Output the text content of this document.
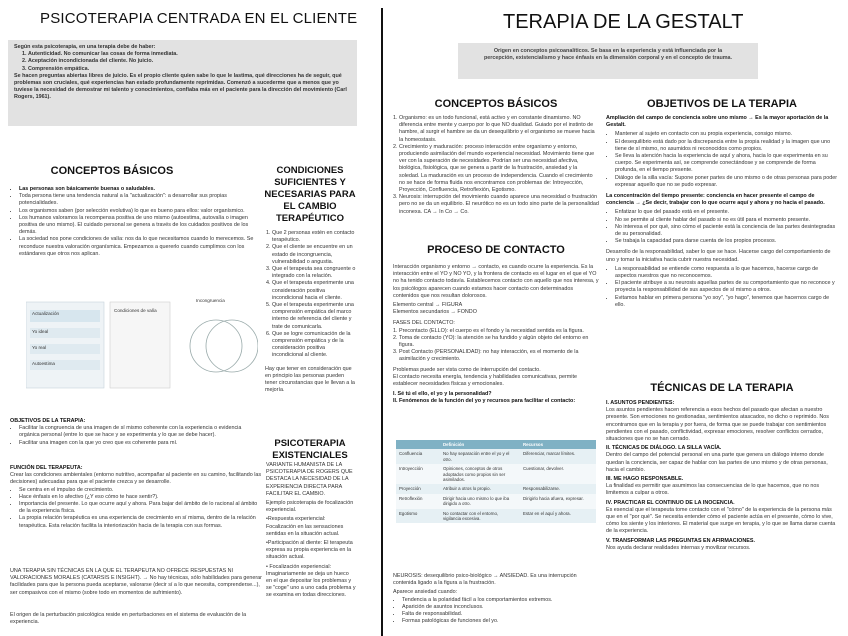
PSICOTERAPIA CENTRADA EN EL CLIENTE
Según esta psicoterapia, en una terapia debe de haber:
1. Autenticidad. No comunicar las cosas de forma inmediata.
2. Aceptación incondicionada del cliente. No juicio.
3. Comprensión empática.
Se hacen preguntas abiertas libres de juicio. Es el propio cliente quien sabe lo que le lastima, qué direcciones ha de seguir, qué problemas son cruciales, qué experiencias han estado profundamente reprimidas. Comenzó a sucederme que a menos que yo tuviese la necesidad de demostrar mi talento y conocimientos, confiaba más en el paciente para la dirección del movimiento (Carl Rogers, 1961).
CONCEPTOS BÁSICOS
• Las personas son básicamente buenas o saludables.
• Toda persona tiene una tendencia natural a la "actualización": a desarrollar sus propias potencialidades.
• Los organismos saben (por selección evolutiva) lo que es bueno para ellos: valor organísmico.
• Los humanos valoramos la recompensa positiva de uno mismo (autoestima, autovalía o imagen positiva de uno mismo). El cuidado personal se genera a través de los cuidados positivos de los demás.
• La sociedad nos pone condiciones de valía: nos da lo que necesitamos cuando lo merecemos. Se reconduce nuestra valoración organísmica. Empezamos a quererlo cuando cumplimos con los estándares que otros nos aplican.
Actualización
Yo ideal
Yo real
Autoestima
Condiciones de valía
Incongruencia
OBJETIVOS DE LA TERAPIA:
• Facilitar la congruencia de una imagen de sí mismo coherente con la experiencia o evidencia orgánica personal (entre lo que se hace y se experimenta y lo que se debe hacer).
• Facilitar una imagen con la que yo creo que es coherente para mí.
FUNCIÓN DEL TERAPEUTA:
Crear las condiciones ambientales (entorno nutritivo, acompañar al paciente en su camino, facilitando las decisiones) adecuadas para que el paciente crezca y se desarrolle.
• Se centra en el impulso de crecimiento.
• Hace énfasis en lo afectivo (¿Y eso cómo te hace sentir?).
• Importancia del presente. Lo que ocurre aquí y ahora. Para bajar del ámbito de lo racional al ámbito de la experiencia física.
• La propia relación terapéutica es una experiencia de crecimiento en sí misma, dentro de la relación terapéutica. Esta relación facilita la interiorización hacia de la terapia con sus formas.
UNA TERAPIA SIN TÉCNICAS EN LA QUE EL TERAPEUTA NO OFRECE RESPUESTAS NI VALORACIONES MORALES (CATARSIS E INSIGHT). → No hay técnicas, sólo habilidades para generar facilidades para que la persona pueda aceptarse, valorarse (decir sí a lo que necesita, comprenderse...), ser compasivos con el mismo (sobre todo en momentos de sufrimiento).
El origen de la perturbación psicológica reside en perturbaciones en el sistema de evaluación de la experiencia.
CONDICIONES SUFICIENTES Y NECESARIAS PARA EL CAMBIO TERAPÉUTICO
1. Que 2 personas estén en contacto terapéutico.
2. Que el cliente se encuentre en un estado de incongruencia, vulnerabilidad o angustia.
3. Que el terapeuta sea congruente o integrado con la relación.
4. Que el terapeuta experimente una consideración positiva incondicional hacia el cliente.
5. Que el terapeuta experimente una comprensión empática del marco interno de referencia del cliente y trate de comunicarla.
6. Que se logre comunicación de la comprensión empática y de la consideración positiva incondicional al cliente.
Hay que tener en consideración que en principio las personas pueden tener circunstancias que le llevan a la mejoría.
PSICOTERAPIA EXISTENCIALES

VARIANTE HUMANISTA DE LA PSICOTERAPIA DE ROGERS QUE DESTACA LA NECESIDAD DE LA EXPERIENCIA DIRECTA PARA FACILITAR EL CAMBIO.

Ejemplo psicoterapia de focalización experiencial.

•Respuesta experiencial: Focalización en las sensaciones sentidas en la situación actual.

•Participación al diente: El terapeuta expresa su propia experiencia en la situación actual.

• Focalización experiencial: Imaginariamente se deja un hueco en el que depositar los problemas y se "coge" uno a uno cada problema y se examina en todas direcciones.

TERAPIA DE LA GESTALT
Origen en conceptos psicoanalíticos. Se basa en la experiencia y está influenciada por la percepción, existencialismo y hace énfasis en la dimensión corporal y en el concepto de trauma.
CONCEPTOS BÁSICOS
1. Organismo: es un todo funcional, está activo y en constante dinamismo. NO diferencia entre mente y cuerpo por lo que NO dualidad. Guiado por el instinto de hambre, al surgir el hambre se da un desequilibrio y el organismo se mueve hacia la homeostasis.
2. Crecimiento y maduración: proceso interacción entre organismo y entorno, produciendo asimilación del mundo experiencial necesidad. Movimiento tiene que ver con la superación de necesidades. Podrían ser una necesidad afectiva, biológica, fisiológica, que se genera a partir de la frustración, ansiedad y la soledad. La maduración es un proceso de independencia. Cuando el crecimiento no se hace de forma fluida nos encontramos con problemas de: Introyección, Proyección, Confluencia, Retroflexión, Egotismo.
3. Neurosis: interrupción del movimiento cuando aparece una necesidad o frustración pero no se da un equilibrio. El neurótico no es un todo sino parte de la personalidad inconexa. CA → In Co → Co.
PROCESO DE CONTACTO

Interacción organismo y entorno → contacto, es cuando ocurre la experiencia. Es la interacción entre el YO y NO YO, y la frontera de contacto es el lugar en el que el YO no ha tenido contacto todavía. Establecemos contacto con aquello que nos interesa, y los psicólogos aparecen cuando estamos hacer contacto con determinados contenidos que nos resultan dolorosos.

Elemento central → FIGURA
Elementos secundarios → FONDO
FASES DEL CONTACTO:
1. Precontacto (ELLO): el cuerpo es el fondo y la necesidad sentida es la figura.
2. Toma de contacto (YO): la atención se ha fundido y algún objeto del entorno en figura.
3. Post Contacto (PERSONALIDAD): no hay interacción, es el momento de la asimilación y crecimiento.
Problemas puede ser vista como de interrupción del contacto.
El contacto necesita energía, tendencia y habilidades comunicativas, permite establecer necesidades físicas y emocionales.
I. Sé tú el ello, el yo y la personalidad?
II. Fenómenos de la función del yo y recursos para facilitar el contacto:
	Definición	Recursos
Confluencia	No hay separación entre el yo y el otro.	Diferenciar, marcar límites.
Introyección	Opiniones, conceptos de otros adoptados como propios sin ser asimilados.	Cuestionar, devolver.
Proyección	Atribuir a otros lo propio.	Responsabilizarse.
Retroflexión	Dirigir hacia uno mismo lo que iba dirigido a otro.	Dirigirlo hacia afuera, expresar.
Egotismo	No contactar con el entorno, vigilancia excesiva.	Estar en el aquí y ahora.
NEUROSIS: desequilibrio psico-biológico → ANSIEDAD. Es una interrupción contenida ligado a la figura a la frustración.
Aparece ansiedad cuando:
• Tendencia a la polaridad fácil a los comportamientos extremos.
• Aparición de asuntos inconclusos.
• Falta de responsabilidad.
• Formas patológicas de funciones del yo.
OBJETIVOS DE LA TERAPIA

Ampliación del campo de conciencia sobre uno mismo → Es la mayor aportación de la Gestalt.

• Mantener al sujeto en contacto con su propia experiencia, consigo mismo.
• El desequilibrio está dado por la discrepancia entre la propia realidad y la imagen que uno tiene de sí mismo, no asumidos ni reconocidos como propios.
• Se lleva la atención hacia la experiencia de aquí y ahora, hacia lo que experimenta en su cuerpo. Se experimenta así, se comprende conectándose y se comprende de forma profunda, en el tiempo presente.
• Diálogo de la silla vacía: Supone poner partes de uno mismo o de otras personas para poder expresar aquello que no se pudo expresar.

La concentración del tiempo presente: conciencia en hacer presente el campo de conciencia → ¿Se decir, trabajar con lo que ocurre aquí y ahora y no hacia el pasado.

• Enfatizar lo que del pasado está en el presente.
• No se permite al cliente hablar del pasado si no es útil para el momento presente.
• No interesa el por qué, sino cómo el paciente está la conciencia de las partes desintegradas de su personalidad.
• Se trabaja la capacidad para darse cuenta de los propios procesos.

Desarrollo de la responsabilidad, saber lo que se hace. Hacerse cargo del comportamiento de uno y tomar la iniciativa hacia cubrir nuestra necesidad.

• La responsabilidad se entiende como respuesta a lo que hacemos, hacerse cargo de aspectos nuestros que no reconocemos.
• El paciente atribuye a su neurosis aquellas partes de su comportamiento que no reconoce y proyecta la responsabilidad de sus aspectos de sí mismo a otros.
• Evitamos hablar en primera persona "yo soy", "yo hago", tenemos que hacernos cargo de ello.
TÉCNICAS DE LA TERAPIA
I. ASUNTOS PENDIENTES:

Los asuntos pendientes hacen referencia a esos hechos del pasado que afectan a nuestro presente. Son emociones no gestionadas, sentimientos atascados, no dicho o reprimido. Nos encontramos que en la terapia y por fuera, de forma que se puede trabajar con sentimientos pendientes con el pasado, conflictividad, expresar emociones, resolver conflictos cerrados, situaciones que no se han cerrado.

II. TÉCNICAS DE DIÁLOGO. LA SILLA VACÍA.

Dentro del campo del potencial personal en una parte que genera un diálogo interno donde quedan la conciencia, ser capaz de hablar con las partes de uno mismo y de otras personas, hacia el cambio.

III. ME HAGO RESPONSABLE.

La finalidad es permitir que asumimos las consecuencias de lo que hacemos, que no nos limitemos a culpar a otros.

IV. PRACTICAR EL CONTINUO DE LA INOCENCIA.

Es esencial que el terapeuta tome contacto con el "cómo" de la experiencia de la persona más que en el "por qué". Se necesita entender cómo el paciente actúa en el presente, cómo lo vive, cómo los siente y los interiores. El material que surge en terapia, y lo que se llama darse cuenta de la experiencia.

V. TRANSFORMAR LAS PREGUNTAS EN AFIRMACIONES.

Nos ayuda declarar realidades internas y movilizar recursos.
